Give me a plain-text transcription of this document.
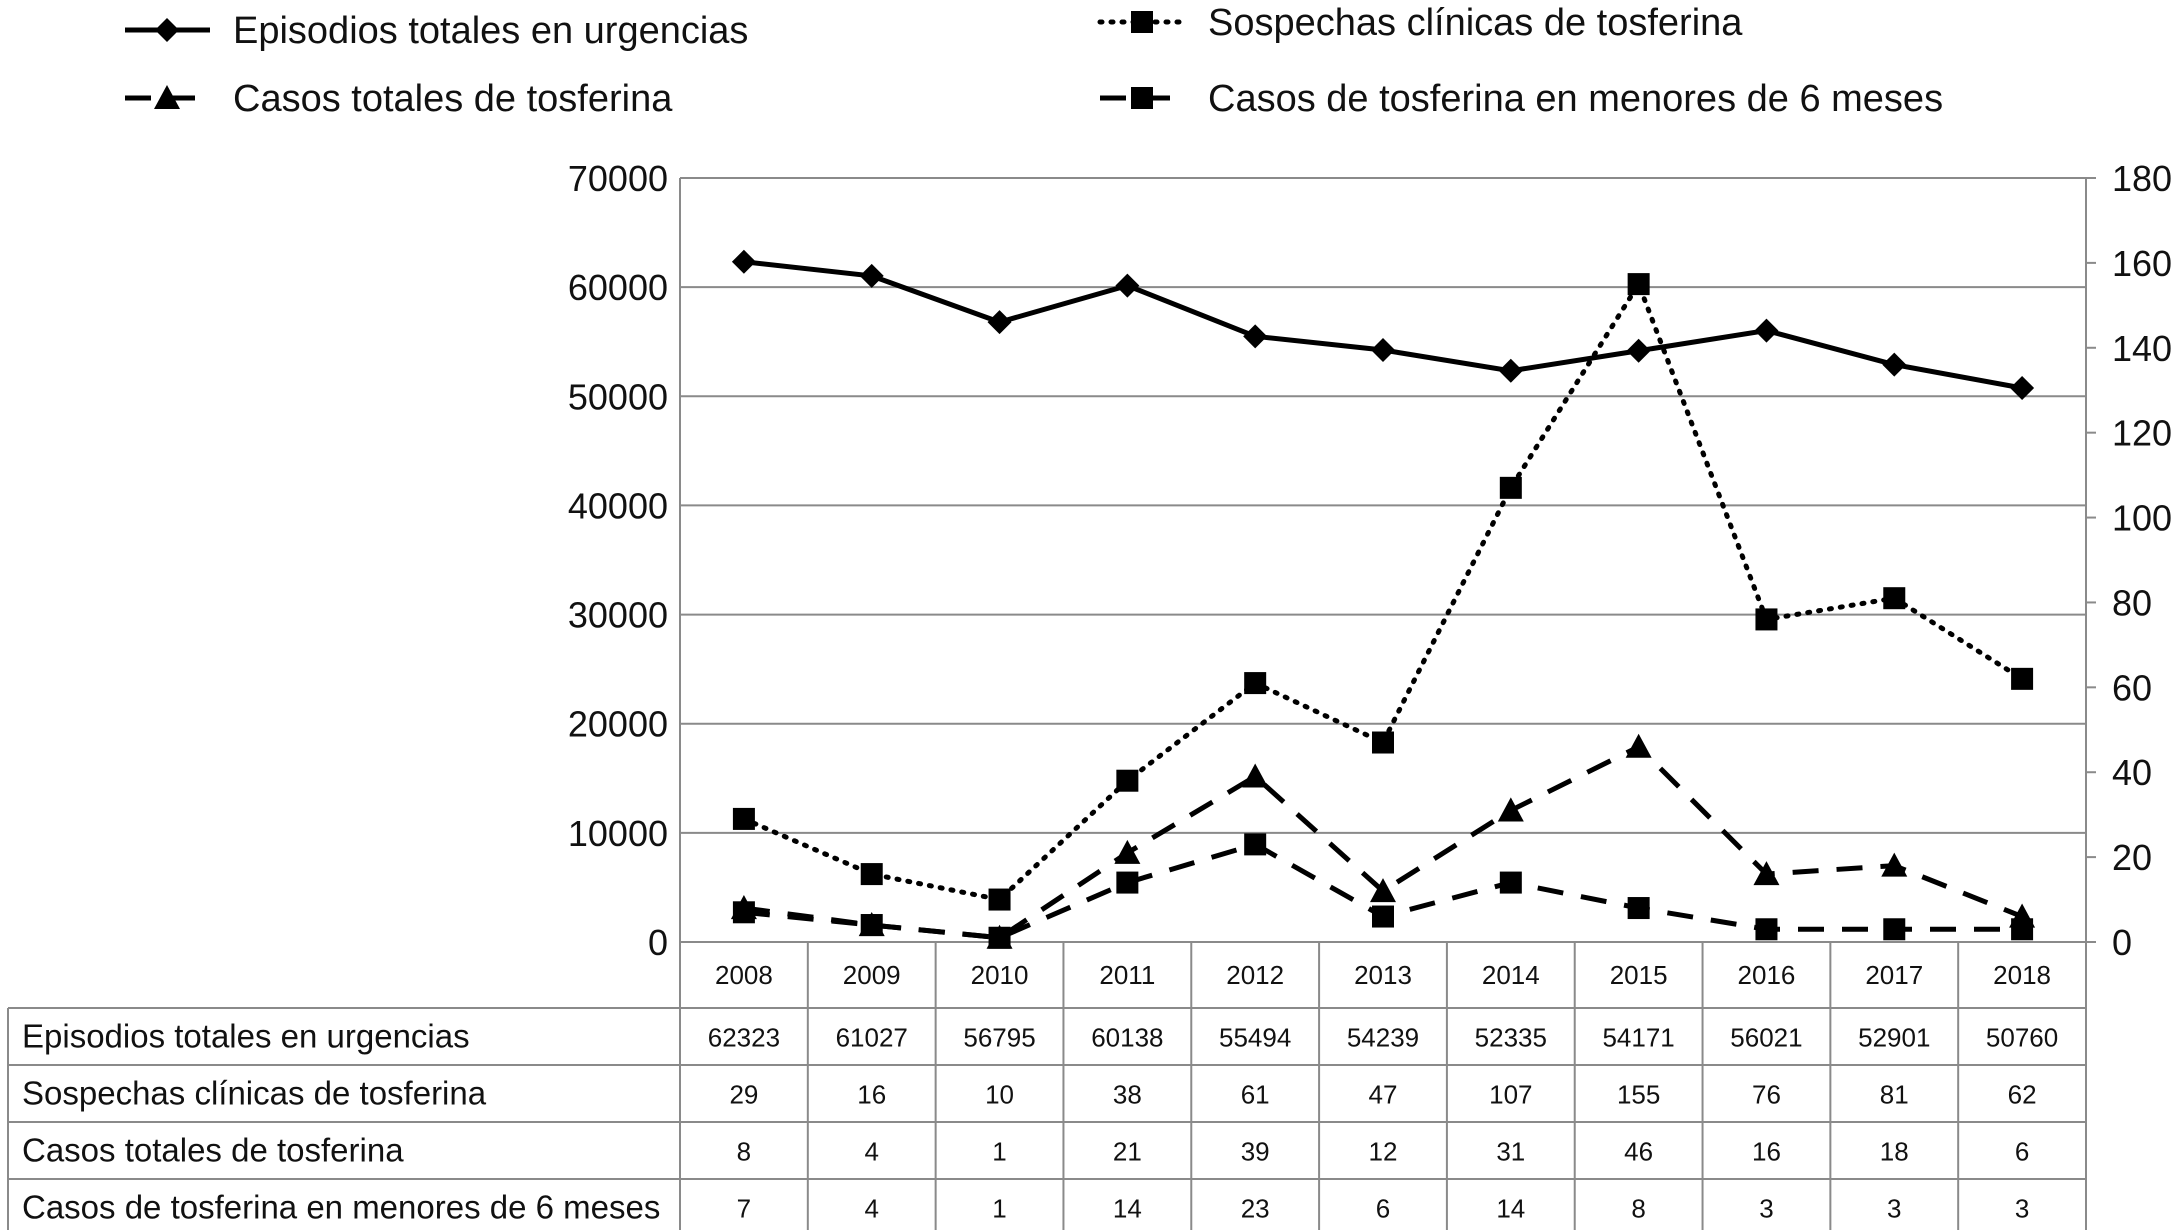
0
10000
20000
30000
40000
50000
60000
70000
0
20
40
60
80
100
120
140
160
180
2008	2009	2010	2011	2012	2013	2014	2015	2016	2017	2018
Episodios totales en urgencias	62323 61027 56795 60138 55494 54239 52335 54171 56021 52901 50760
Sospechas clínicas de tosferina	29	16	10	38	61	47	107	155	76	81	62
Casos totales de tosferina	8	4	1	21	39	12	31	46	16	18	6
Casos de tosferina en menores de 6 meses	7	4	1	14	23	6	14	8	3	3	3
Episodios totales en urgencias	Sospechas clínicas de tosferina
Casos totales de tosferina	Casos de tosferina en menores de 6 meses
